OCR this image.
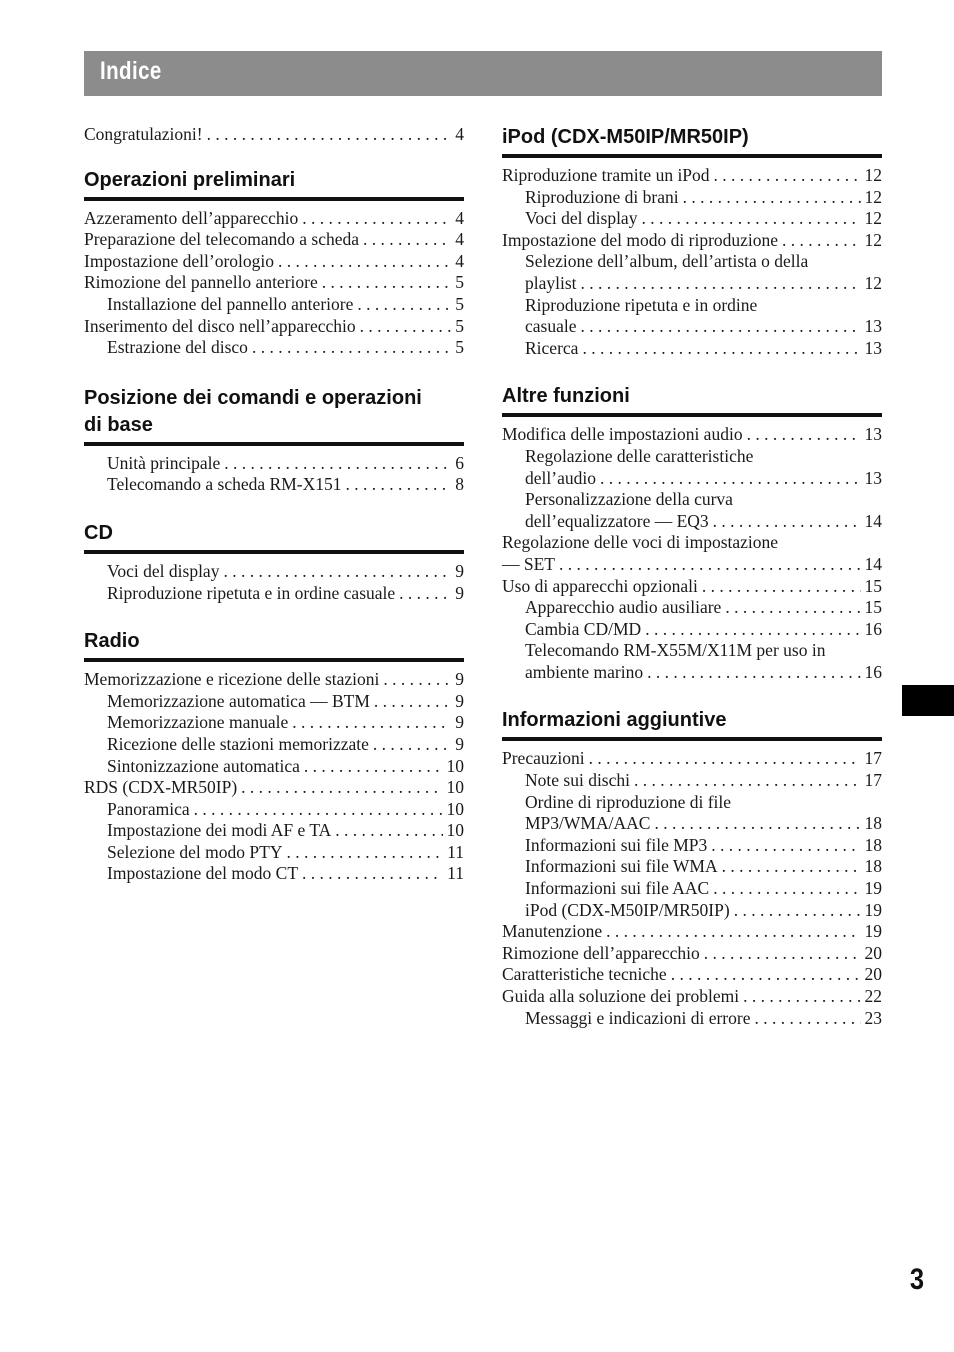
Indice
Congratulazioni! . . .	4
Operazioni preliminari
Azzeramento dell’apparecchio . . .	4
Preparazione del telecomando a scheda . . .	4
Impostazione dell’orologio . . .	4
Rimozione del pannello anteriore . . .	5
Installazione del pannello anteriore . . .	5
Inserimento del disco nell’apparecchio . . .	5
Estrazione del disco . . .	5
Posizione dei comandi e operazioni
di base
Unità principale . . .	6
Telecomando a scheda RM-X151 . . .	8
CD
Voci del display . . .	9
Riproduzione ripetuta e in ordine casuale . . .	9
Radio
Memorizzazione e ricezione delle stazioni . . .	9
Memorizzazione automatica — BTM . . .	9
Memorizzazione manuale . . .	9
Ricezione delle stazioni memorizzate . . .	9
Sintonizzazione automatica . . .	10
RDS (CDX-MR50IP) . . .	10
Panoramica . . .	10
Impostazione dei modi AF e TA . . .	10
Selezione del modo PTY . . .	11
Impostazione del modo CT . . .	11
iPod (CDX-M50IP/MR50IP)
Riproduzione tramite un iPod . . .	12
Riproduzione di brani . . .	12
Voci del display . . .	12
Impostazione del modo di riproduzione . . .	12
Selezione dell’album, dell’artista o della
playlist . . .	12
Riproduzione ripetuta e in ordine
casuale . . .	13
Ricerca . . .	13
Altre funzioni
Modifica delle impostazioni audio . . .	13
Regolazione delle caratteristiche
dell’audio . . .	13
Personalizzazione della curva
dell’equalizzatore — EQ3 . . .	14
Regolazione delle voci di impostazione
— SET . . .	14
Uso di apparecchi opzionali . . .	15
Apparecchio audio ausiliare . . .	15
Cambia CD/MD . . .	16
Telecomando RM-X55M/X11M per uso in
ambiente marino . . .	16
Informazioni aggiuntive
Precauzioni . . .	17
Note sui dischi . . .	17
Ordine di riproduzione di file
MP3/WMA/AAC . . .	18
Informazioni sui file MP3 . . .	18
Informazioni sui file WMA . . .	18
Informazioni sui file AAC . . .	19
iPod (CDX-M50IP/MR50IP) . . .	19
Manutenzione . . .	19
Rimozione dell’apparecchio . . .	20
Caratteristiche tecniche . . .	20
Guida alla soluzione dei problemi . . .	22
Messaggi e indicazioni di errore . . .	23
3
